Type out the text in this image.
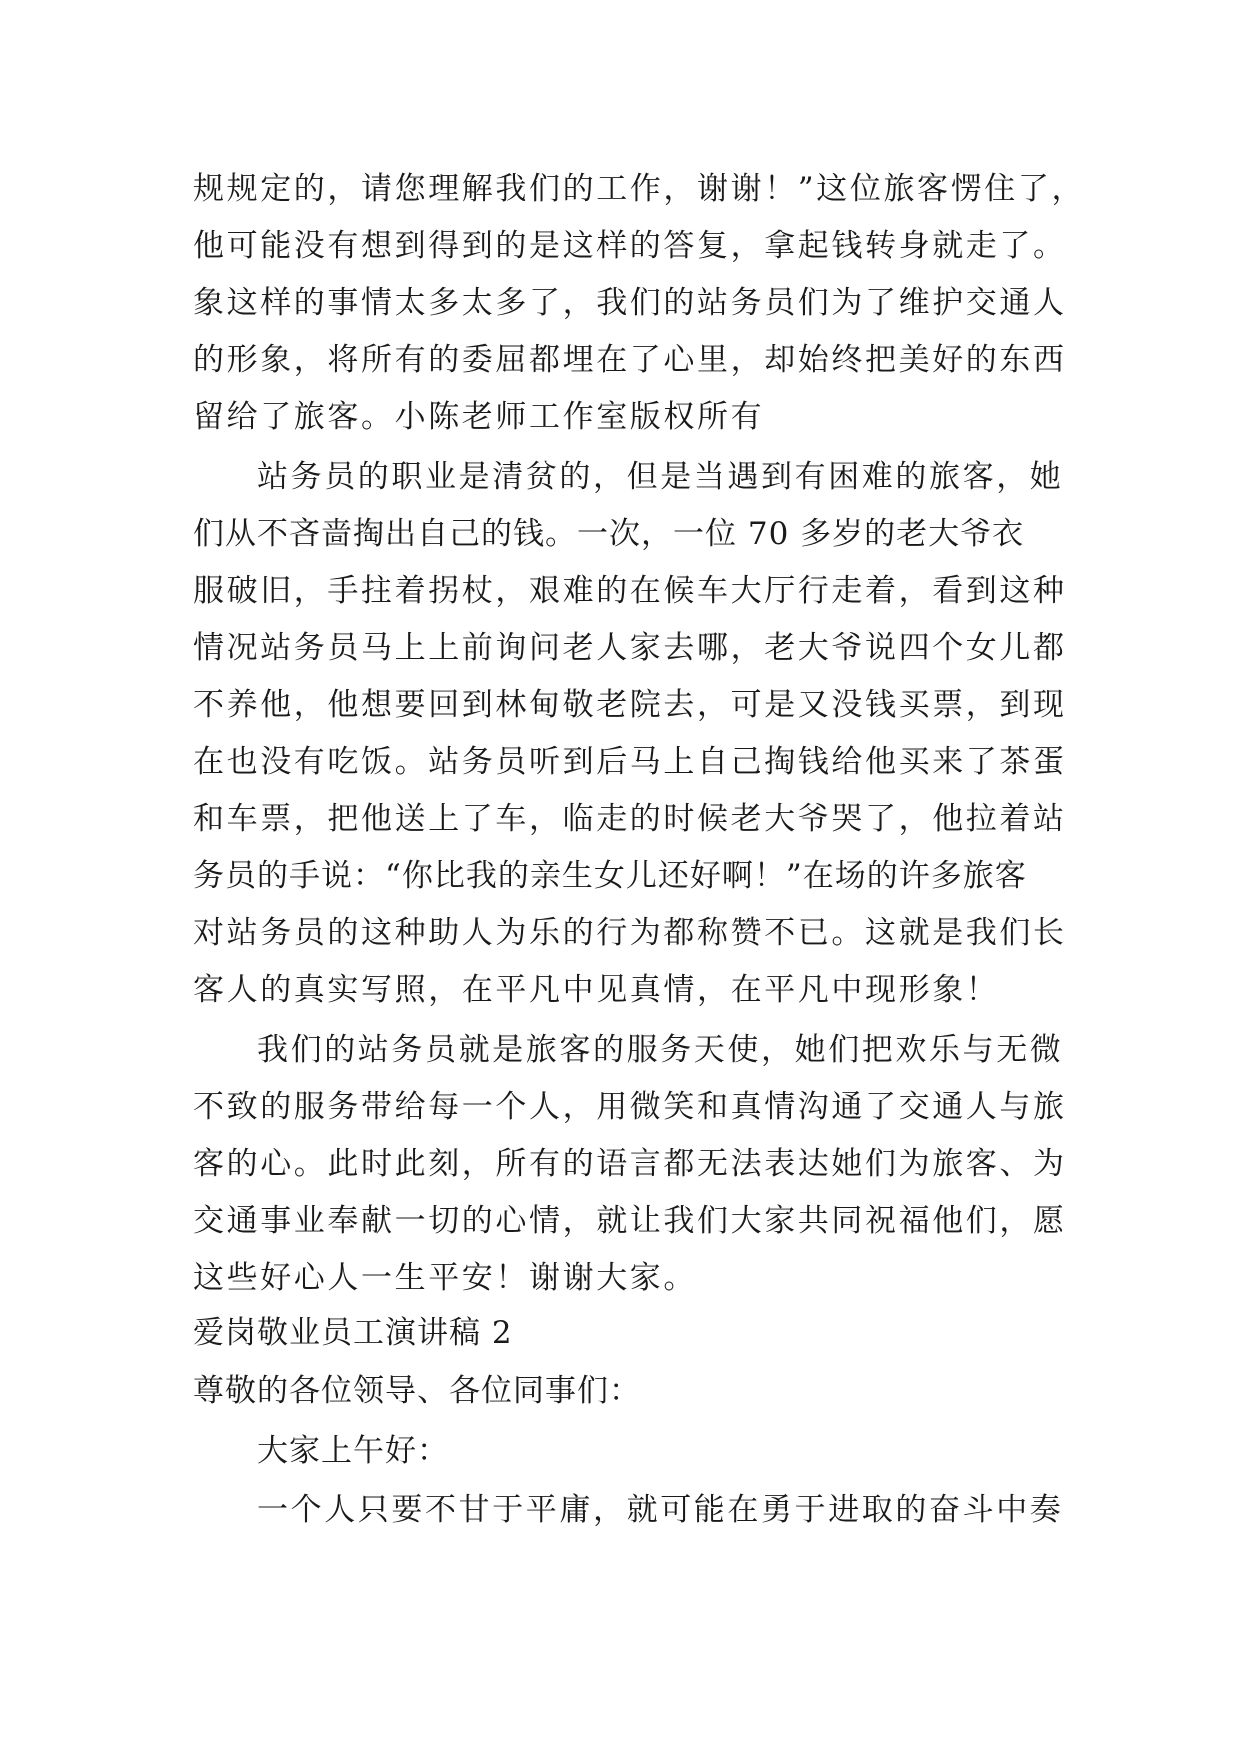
规规定的，请您理解我们的工作，谢谢！”这位旅客愣住了，
他可能没有想到得到的是这样的答复，拿起钱转身就走了。
象这样的事情太多太多了，我们的站务员们为了维护交通人
的形象，将所有的委屈都埋在了心里，却始终把美好的东西
留给了旅客。小陈老师工作室版权所有
站务员的职业是清贫的，但是当遇到有困难的旅客，她
们从不吝啬掏出自己的钱。一次，一位 70 多岁的老大爷衣
服破旧，手拄着拐杖，艰难的在候车大厅行走着，看到这种
情况站务员马上上前询问老人家去哪，老大爷说四个女儿都
不养他，他想要回到林甸敬老院去，可是又没钱买票，到现
在也没有吃饭。站务员听到后马上自己掏钱给他买来了茶蛋
和车票，把他送上了车，临走的时候老大爷哭了，他拉着站
务员的手说：“你比我的亲生女儿还好啊！”在场的许多旅客
对站务员的这种助人为乐的行为都称赞不已。这就是我们长
客人的真实写照，在平凡中见真情，在平凡中现形象！
我们的站务员就是旅客的服务天使，她们把欢乐与无微
不致的服务带给每一个人，用微笑和真情沟通了交通人与旅
客的心。此时此刻，所有的语言都无法表达她们为旅客、为
交通事业奉献一切的心情，就让我们大家共同祝福他们，愿
这些好心人一生平安！谢谢大家。
爱岗敬业员工演讲稿 2
尊敬的各位领导、各位同事们：
大家上午好：
一个人只要不甘于平庸，就可能在勇于进取的奋斗中奏
